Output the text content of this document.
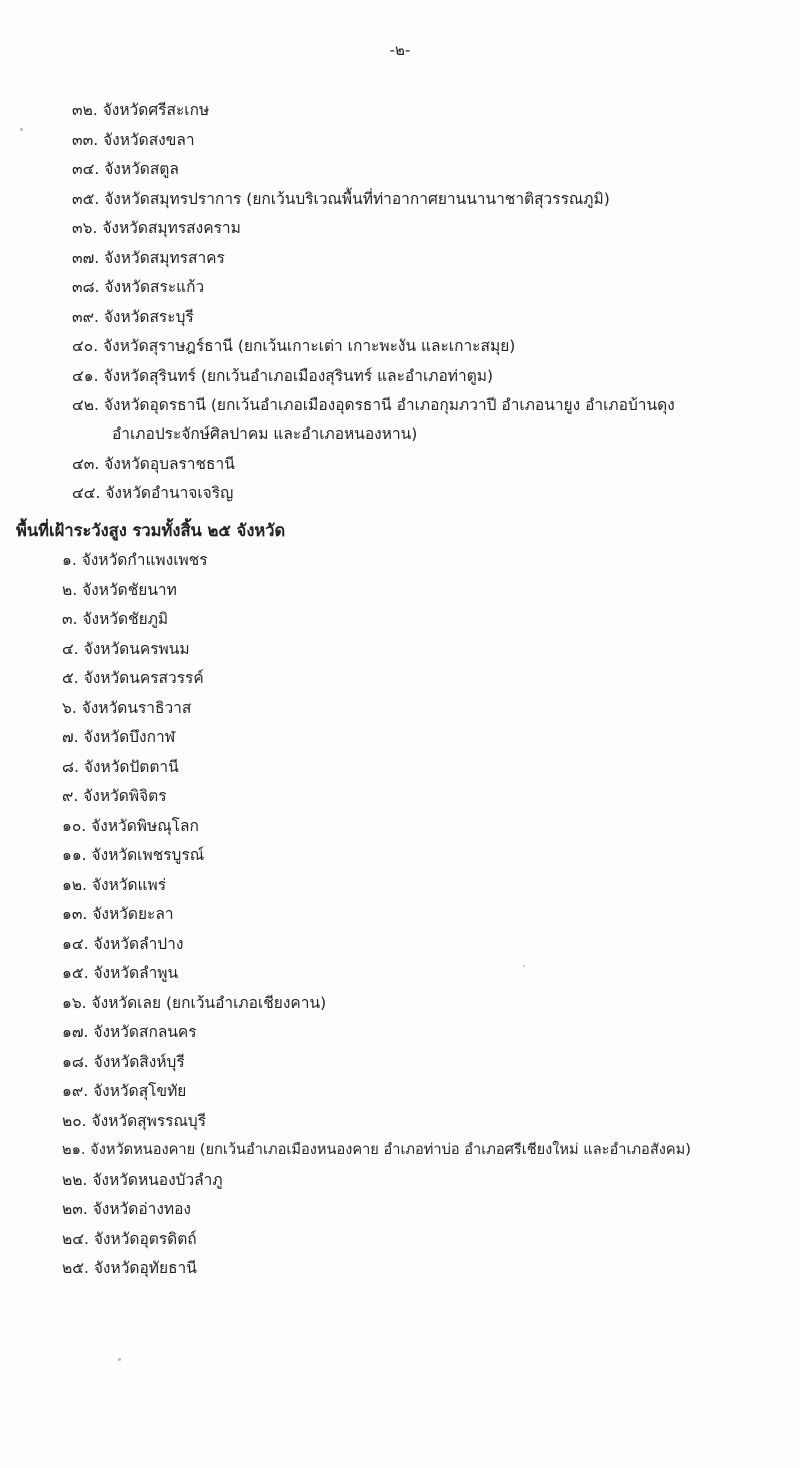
-๒-
๓๒. จังหวัดศรีสะเกษ
๓๓. จังหวัดสงขลา
๓๔. จังหวัดสตูล
๓๕. จังหวัดสมุทรปราการ (ยกเว้นบริเวณพื้นที่ท่าอากาศยานนานาชาติสุวรรณภูมิ)
๓๖. จังหวัดสมุทรสงคราม
๓๗. จังหวัดสมุทรสาคร
๓๘. จังหวัดสระแก้ว
๓๙. จังหวัดสระบุรี
๔๐. จังหวัดสุราษฎร์ธานี (ยกเว้นเกาะเต่า เกาะพะงัน และเกาะสมุย)
๔๑. จังหวัดสุรินทร์ (ยกเว้นอำเภอเมืองสุรินทร์ และอำเภอท่าตูม)
๔๒. จังหวัดอุดรธานี (ยกเว้นอำเภอเมืองอุดรธานี อำเภอกุมภวาปี อำเภอนายูง อำเภอบ้านดุง
อำเภอประจักษ์ศิลปาคม และอำเภอหนองหาน)
๔๓. จังหวัดอุบลราชธานี
๔๔. จังหวัดอำนาจเจริญ
พื้นที่เฝ้าระวังสูง รวมทั้งสิ้น ๒๕ จังหวัด
๑. จังหวัดกำแพงเพชร
๒. จังหวัดชัยนาท
๓. จังหวัดชัยภูมิ
๔. จังหวัดนครพนม
๕. จังหวัดนครสวรรค์
๖. จังหวัดนราธิวาส
๗. จังหวัดบึงกาฬ
๘. จังหวัดปัตตานี
๙. จังหวัดพิจิตร
๑๐. จังหวัดพิษณุโลก
๑๑. จังหวัดเพชรบูรณ์
๑๒. จังหวัดแพร่
๑๓. จังหวัดยะลา
๑๔. จังหวัดลำปาง
๑๕. จังหวัดลำพูน
๑๖. จังหวัดเลย (ยกเว้นอำเภอเชียงคาน)
๑๗. จังหวัดสกลนคร
๑๘. จังหวัดสิงห์บุรี
๑๙. จังหวัดสุโขทัย
๒๐. จังหวัดสุพรรณบุรี
๒๑. จังหวัดหนองคาย (ยกเว้นอำเภอเมืองหนองคาย อำเภอท่าบ่อ อำเภอศรีเชียงใหม่ และอำเภอสังคม)
๒๒. จังหวัดหนองบัวลำภู
๒๓. จังหวัดอ่างทอง
๒๔. จังหวัดอุตรดิตถ์
๒๕. จังหวัดอุทัยธานี
